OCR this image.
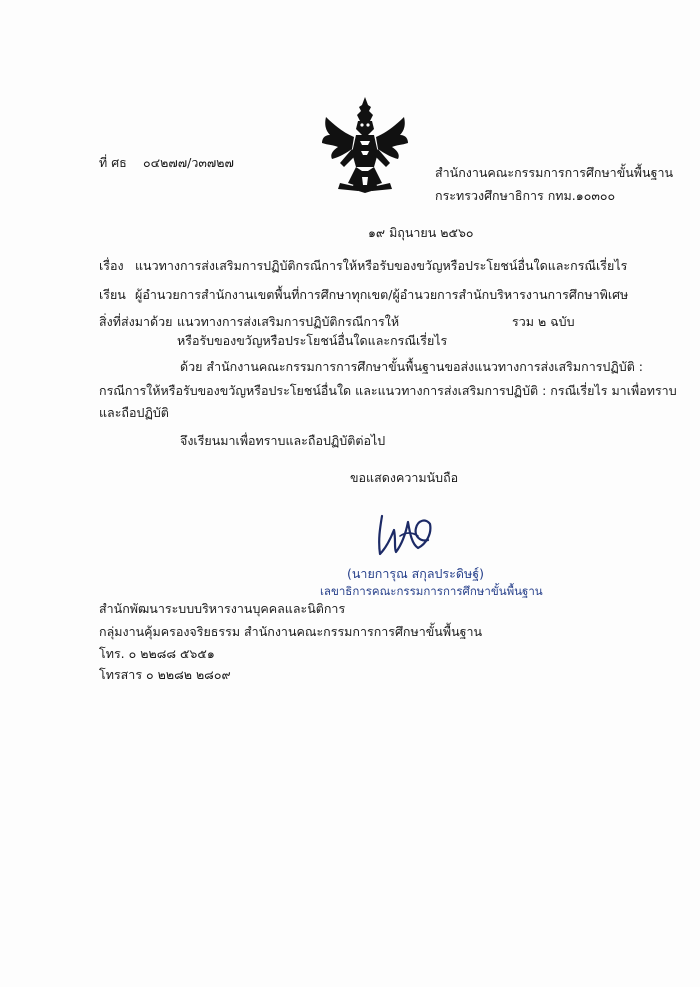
ที่ ศธ ๐๔๒๗๗/ว๓๗๒๗
สำนักงานคณะกรรมการการศึกษาขั้นพื้นฐาน
กระทรวงศึกษาธิการ กทม.๑๐๓๐๐
๑๙ มิถุนายน ๒๕๖๐
เรื่อง แนวทางการส่งเสริมการปฏิบัติกรณีการให้หรือรับของขวัญหรือประโยชน์อื่นใดและกรณีเรี่ยไร
เรียน ผู้อำนวยการสำนักงานเขตพื้นที่การศึกษาทุกเขต/ผู้อำนวยการสำนักบริหารงานการศึกษาพิเศษ
สิ่งที่ส่งมาด้วย แนวทางการส่งเสริมการปฏิบัติกรณีการให้	รวม ๒ ฉบับ
หรือรับของขวัญหรือประโยชน์อื่นใดและกรณีเรี่ยไร
ด้วย สำนักงานคณะกรรมการการศึกษาขั้นพื้นฐานขอส่งแนวทางการส่งเสริมการปฏิบัติ :
กรณีการให้หรือรับของขวัญหรือประโยชน์อื่นใด และแนวทางการส่งเสริมการปฏิบัติ : กรณีเรี่ยไร มาเพื่อทราบ
และถือปฏิบัติ
จึงเรียนมาเพื่อทราบและถือปฏิบัติต่อไป
ขอแสดงความนับถือ
(นายการุณ สกุลประดิษฐ์)
เลขาธิการคณะกรรมการการศึกษาขั้นพื้นฐาน
สำนักพัฒนาระบบบริหารงานบุคคลและนิติการ
กลุ่มงานคุ้มครองจริยธรรม สำนักงานคณะกรรมการการศึกษาขั้นพื้นฐาน
โทร. ๐ ๒๒๘๘ ๕๖๕๑
โทรสาร ๐ ๒๒๘๒ ๒๘๐๙
